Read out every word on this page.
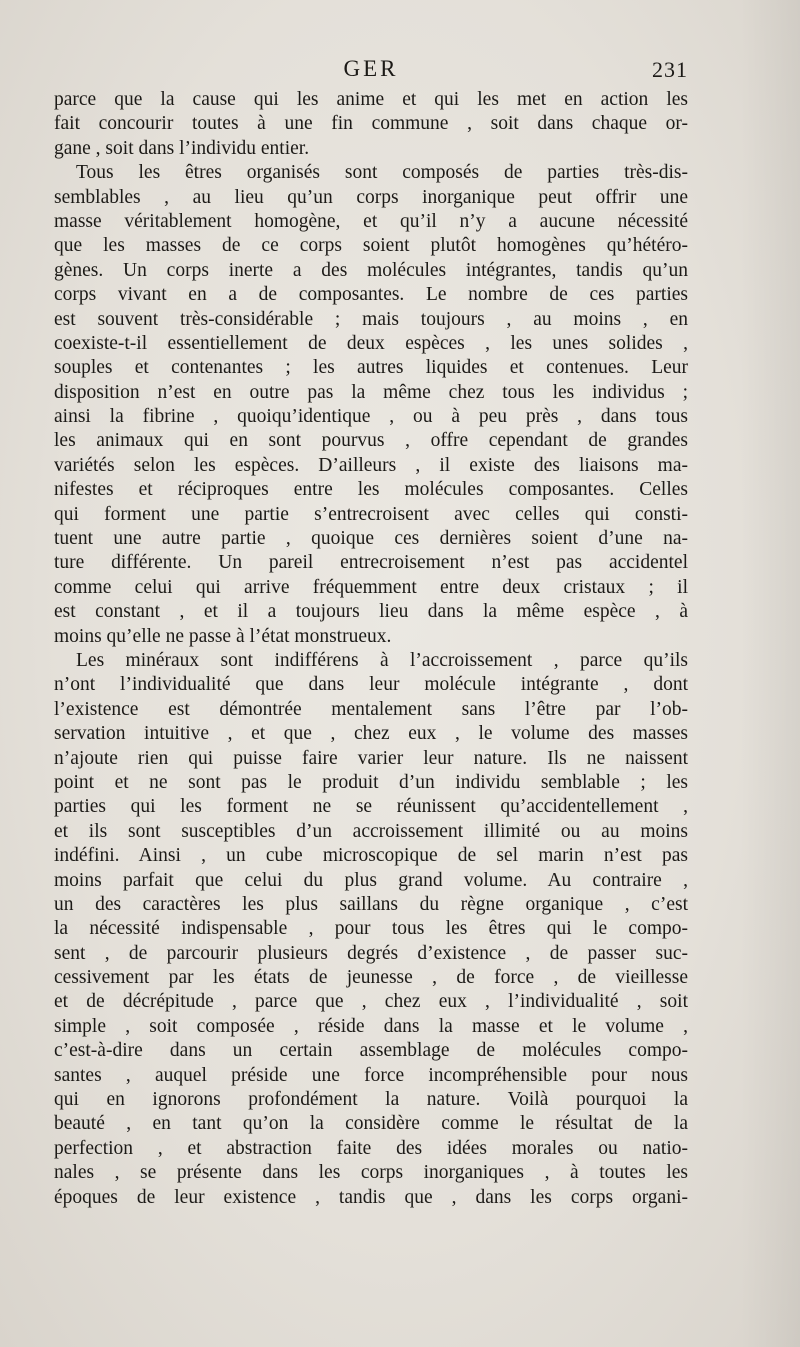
GER	231
parce que la cause qui les anime et qui les met en action les
fait concourir toutes à une fin commune , soit dans chaque or-
gane , soit dans l’individu entier.
Tous les êtres organisés sont composés de parties très-dis-
semblables , au lieu qu’un corps inorganique peut offrir une
masse véritablement homogène, et qu’il n’y a aucune nécessité
que les masses de ce corps soient plutôt homogènes qu’hétéro-
gènes. Un corps inerte a des molécules intégrantes, tandis qu’un
corps vivant en a de composantes. Le nombre de ces parties
est souvent très-considérable ; mais toujours , au moins , en
coexiste-t-il essentiellement de deux espèces , les unes solides ,
souples et contenantes ; les autres liquides et contenues. Leur
disposition n’est en outre pas la même chez tous les individus ;
ainsi la fibrine , quoiqu’identique , ou à peu près , dans tous
les animaux qui en sont pourvus , offre cependant de grandes
variétés selon les espèces. D’ailleurs , il existe des liaisons ma-
nifestes et réciproques entre les molécules composantes. Celles
qui forment une partie s’entrecroisent avec celles qui consti-
tuent une autre partie , quoique ces dernières soient d’une na-
ture différente. Un pareil entrecroisement n’est pas accidentel
comme celui qui arrive fréquemment entre deux cristaux ; il
est constant , et il a toujours lieu dans la même espèce , à
moins qu’elle ne passe à l’état monstrueux.
Les minéraux sont indifférens à l’accroissement , parce qu’ils
n’ont l’individualité que dans leur molécule intégrante , dont
l’existence est démontrée mentalement sans l’être par l’ob-
servation intuitive , et que , chez eux , le volume des masses
n’ajoute rien qui puisse faire varier leur nature. Ils ne naissent
point et ne sont pas le produit d’un individu semblable ; les
parties qui les forment ne se réunissent qu’accidentellement ,
et ils sont susceptibles d’un accroissement illimité ou au moins
indéfini. Ainsi , un cube microscopique de sel marin n’est pas
moins parfait que celui du plus grand volume. Au contraire ,
un des caractères les plus saillans du règne organique , c’est
la nécessité indispensable , pour tous les êtres qui le compo-
sent , de parcourir plusieurs degrés d’existence , de passer suc-
cessivement par les états de jeunesse , de force , de vieillesse
et de décrépitude , parce que , chez eux , l’individualité , soit
simple , soit composée , réside dans la masse et le volume ,
c’est-à-dire dans un certain assemblage de molécules compo-
santes , auquel préside une force incompréhensible pour nous
qui en ignorons profondément la nature. Voilà pourquoi la
beauté , en tant qu’on la considère comme le résultat de la
perfection , et abstraction faite des idées morales ou natio-
nales , se présente dans les corps inorganiques , à toutes les
époques de leur existence , tandis que , dans les corps organi-
